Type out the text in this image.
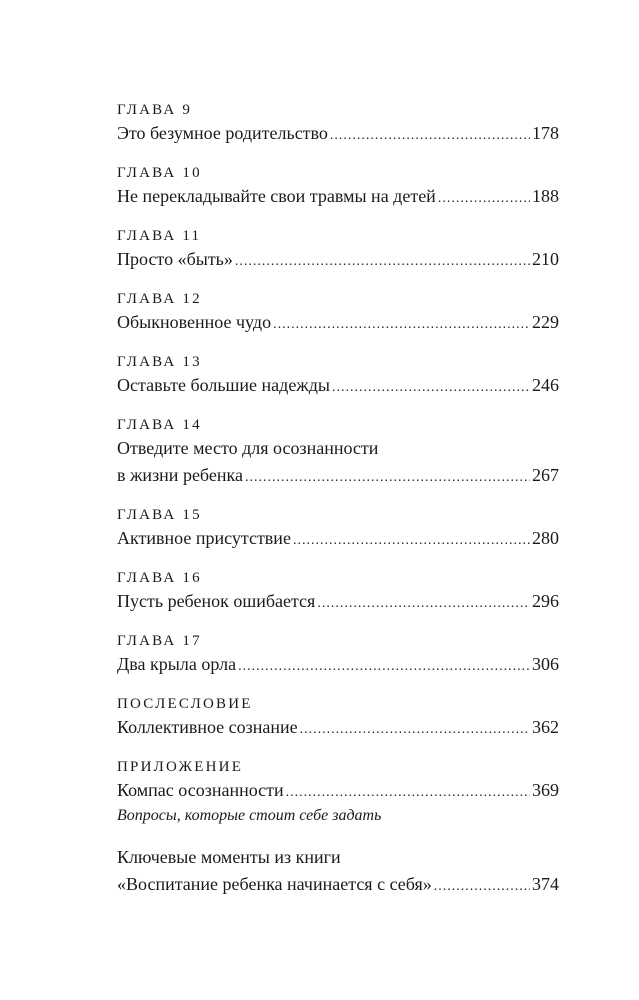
ГЛАВА 9
Это безумное родительство .....	178
ГЛАВА 10
Не перекладывайте свои травмы на детей .....	188
ГЛАВА 11
Просто «быть» .....	210
ГЛАВА 12
Обыкновенное чудо .....	229
ГЛАВА 13
Оставьте большие надежды .....	246
ГЛАВА 14
Отведите место для осознанности
в жизни ребенка .....	267
ГЛАВА 15
Активное присутствие .....	280
ГЛАВА 16
Пусть ребенок ошибается .....	296
ГЛАВА 17
Два крыла орла .....	306
ПОСЛЕСЛОВИЕ
Коллективное сознание .....	362
ПРИЛОЖЕНИЕ
Компас осознанности .....	369
Вопросы, которые стоит себе задать
Ключевые моменты из книги
«Воспитание ребенка начинается с себя» .....	374
